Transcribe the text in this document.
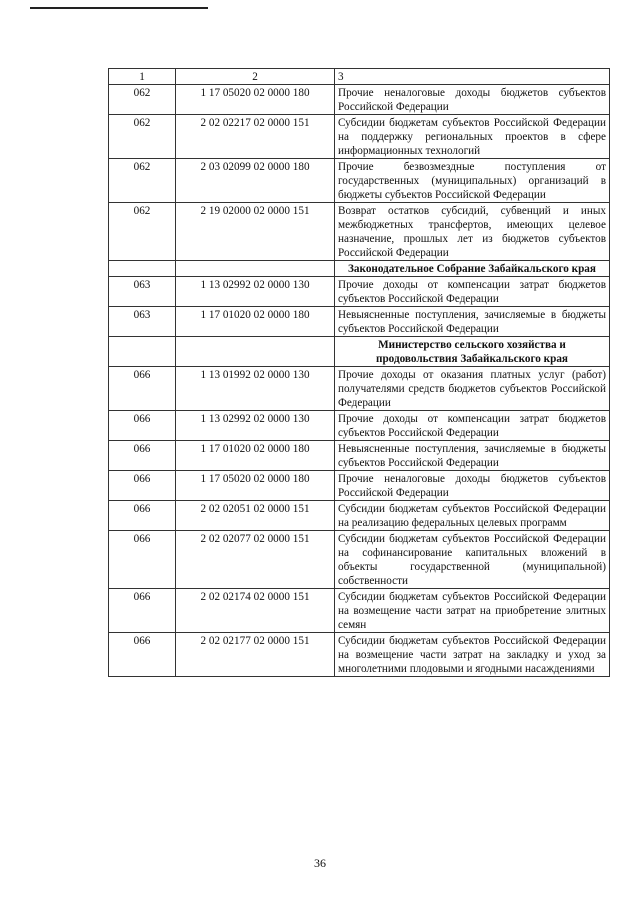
1	2	3
062	1 17 05020 02 0000 180	Прочие неналоговые доходы бюджетов субъектов Российской Федерации
062	2 02 02217 02 0000 151	Субсидии бюджетам субъектов Российской Федерации на поддержку региональных проектов в сфере информационных технологий
062	2 03 02099 02 0000 180	Прочие безвозмездные поступления от государственных (муниципальных) организаций в бюджеты субъектов Российской Федерации
062	2 19 02000 02 0000 151	Возврат остатков субсидий, субвенций и иных межбюджетных трансфертов, имеющих целевое назначение, прошлых лет из бюджетов субъектов Российской Федерации
		Законодательное Собрание Забайкальского края
063	1 13 02992 02 0000 130	Прочие доходы от компенсации затрат бюджетов субъектов Российской Федерации
063	1 17 01020 02 0000 180	Невыясненные поступления, зачисляемые в бюджеты субъектов Российской Федерации
		Министерство сельского хозяйства и продовольствия Забайкальского края
066	1 13 01992 02 0000 130	Прочие доходы от оказания платных услуг (работ) получателями средств бюджетов субъектов Российской Федерации
066	1 13 02992 02 0000 130	Прочие доходы от компенсации затрат бюджетов субъектов Российской Федерации
066	1 17 01020 02 0000 180	Невыясненные поступления, зачисляемые в бюджеты субъектов Российской Федерации
066	1 17 05020 02 0000 180	Прочие неналоговые доходы бюджетов субъектов Российской Федерации
066	2 02 02051 02 0000 151	Субсидии бюджетам субъектов Российской Федерации на реализацию федеральных целевых программ
066	2 02 02077 02 0000 151	Субсидии бюджетам субъектов Российской Федерации на софинансирование капитальных вложений в объекты государственной (муниципальной) собственности
066	2 02 02174 02 0000 151	Субсидии бюджетам субъектов Российской Федерации на возмещение части затрат на приобретение элитных семян
066	2 02 02177 02 0000 151	Субсидии бюджетам субъектов Российской Федерации на возмещение части затрат на закладку и уход за многолетними плодовыми и ягодными насаждениями
36
